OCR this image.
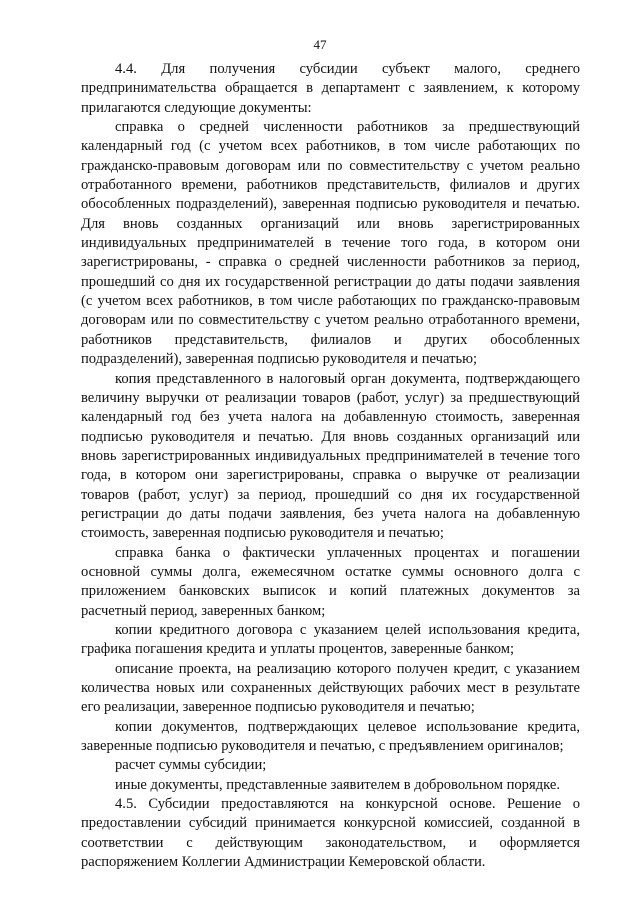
47

4.4. Для получения субсидии субъект малого, среднего предпринимательства обращается в департамент с заявлением, к которому прилагаются следующие документы:

справка о средней численности работников за предшествующий календарный год (с учетом всех работников, в том числе работающих по гражданско-правовым договорам или по совместительству с учетом реально отработанного времени, работников представительств, филиалов и других обособленных подразделений), заверенная подписью руководителя и печатью. Для вновь созданных организаций или вновь зарегистрированных индивидуальных предпринимателей в течение того года, в котором они зарегистрированы, - справка о средней численности работников за период, прошедший со дня их государственной регистрации до даты подачи заявления (с учетом всех работников, в том числе работающих по гражданско-правовым договорам или по совместительству с учетом реально отработанного времени, работников представительств, филиалов и других обособленных подразделений), заверенная подписью руководителя и печатью;

копия представленного в налоговый орган документа, подтверждающего величину выручки от реализации товаров (работ, услуг) за предшествующий календарный год без учета налога на добавленную стоимость, заверенная подписью руководителя и печатью. Для вновь созданных организаций или вновь зарегистрированных индивидуальных предпринимателей в течение того года, в котором они зарегистрированы, справка о выручке от реализации товаров (работ, услуг) за период, прошедший со дня их государственной регистрации до даты подачи заявления, без учета налога на добавленную стоимость, заверенная подписью руководителя и печатью;

справка банка о фактически уплаченных процентах и погашении основной суммы долга, ежемесячном остатке суммы основного долга с приложением банковских выписок и копий платежных документов за расчетный период, заверенных банком;

копии кредитного договора с указанием целей использования кредита, графика погашения кредита и уплаты процентов, заверенные банком;

описание проекта, на реализацию которого получен кредит, с указанием количества новых или сохраненных действующих рабочих мест в результате его реализации, заверенное подписью руководителя и печатью;

копии документов, подтверждающих целевое использование кредита, заверенные подписью руководителя и печатью, с предъявлением оригиналов;

расчет суммы субсидии;

иные документы, представленные заявителем в добровольном порядке.

4.5. Субсидии предоставляются на конкурсной основе. Решение о предоставлении субсидий принимается конкурсной комиссией, созданной в соответствии с действующим законодательством, и оформляется распоряжением Коллегии Администрации Кемеровской области.
